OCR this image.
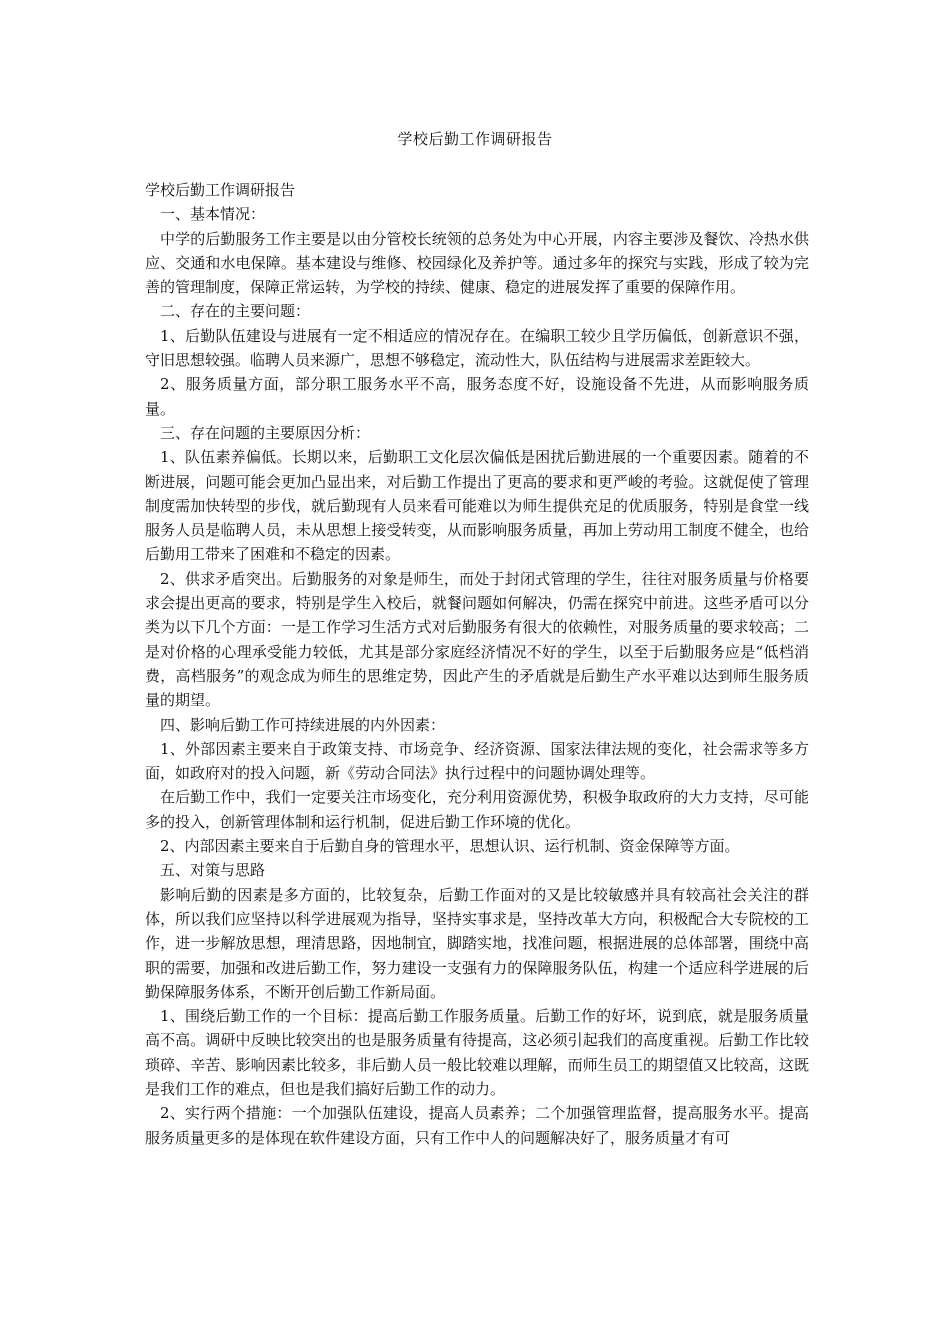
学校后勤工作调研报告

学校后勤工作调研报告

一、基本情况：

中学的后勤服务工作主要是以由分管校长统领的总务处为中心开展，内容主要涉及餐饮、冷热水供应、交通和水电保障。基本建设与维修、校园绿化及养护等。通过多年的探究与实践，形成了较为完善的管理制度，保障正常运转，为学校的持续、健康、稳定的进展发挥了重要的保障作用。

二、存在的主要问题：

1、后勤队伍建设与进展有一定不相适应的情况存在。在编职工较少且学历偏低，创新意识不强，守旧思想较强。临聘人员来源广，思想不够稳定，流动性大，队伍结构与进展需求差距较大。

2、服务质量方面，部分职工服务水平不高，服务态度不好，设施设备不先进，从而影响服务质量。

三、存在问题的主要原因分析：

1、队伍素养偏低。长期以来，后勤职工文化层次偏低是困扰后勤进展的一个重要因素。随着的不断进展，问题可能会更加凸显出来，对后勤工作提出了更高的要求和更严峻的考验。这就促使了管理制度需加快转型的步伐，就后勤现有人员来看可能难以为师生提供充足的优质服务，特别是食堂一线服务人员是临聘人员，未从思想上接受转变，从而影响服务质量，再加上劳动用工制度不健全，也给后勤用工带来了困难和不稳定的因素。

2、供求矛盾突出。后勤服务的对象是师生，而处于封闭式管理的学生，往往对服务质量与价格要求会提出更高的要求，特别是学生入校后，就餐问题如何解决，仍需在探究中前进。这些矛盾可以分类为以下几个方面：一是工作学习生活方式对后勤服务有很大的依赖性，对服务质量的要求较高；二是对价格的心理承受能力较低，尤其是部分家庭经济情况不好的学生，以至于后勤服务应是“低档消费，高档服务”的观念成为师生的思维定势，因此产生的矛盾就是后勤生产水平难以达到师生服务质量的期望。

四、影响后勤工作可持续进展的内外因素：

1、外部因素主要来自于政策支持、市场竞争、经济资源、国家法律法规的变化，社会需求等多方面，如政府对的投入问题，新《劳动合同法》执行过程中的问题协调处理等。

在后勤工作中，我们一定要关注市场变化，充分利用资源优势，积极争取政府的大力支持，尽可能多的投入，创新管理体制和运行机制，促进后勤工作环境的优化。

2、内部因素主要来自于后勤自身的管理水平，思想认识、运行机制、资金保障等方面。

五、对策与思路

影响后勤的因素是多方面的，比较复杂，后勤工作面对的又是比较敏感并具有较高社会关注的群体，所以我们应坚持以科学进展观为指导，坚持实事求是，坚持改革大方向，积极配合大专院校的工作，进一步解放思想，理清思路，因地制宜，脚踏实地，找准问题，根据进展的总体部署，围绕中高职的需要，加强和改进后勤工作，努力建设一支强有力的保障服务队伍，构建一个适应科学进展的后勤保障服务体系，不断开创后勤工作新局面。

1、围绕后勤工作的一个目标：提高后勤工作服务质量。后勤工作的好坏，说到底，就是服务质量高不高。调研中反映比较突出的也是服务质量有待提高，这必须引起我们的高度重视。后勤工作比较琐碎、辛苦、影响因素比较多，非后勤人员一般比较难以理解，而师生员工的期望值又比较高，这既是我们工作的难点，但也是我们搞好后勤工作的动力。

2、实行两个措施：一个加强队伍建设，提高人员素养；二个加强管理监督，提高服务水平。提高服务质量更多的是体现在软件建设方面，只有工作中人的问题解决好了，服务质量才有可
